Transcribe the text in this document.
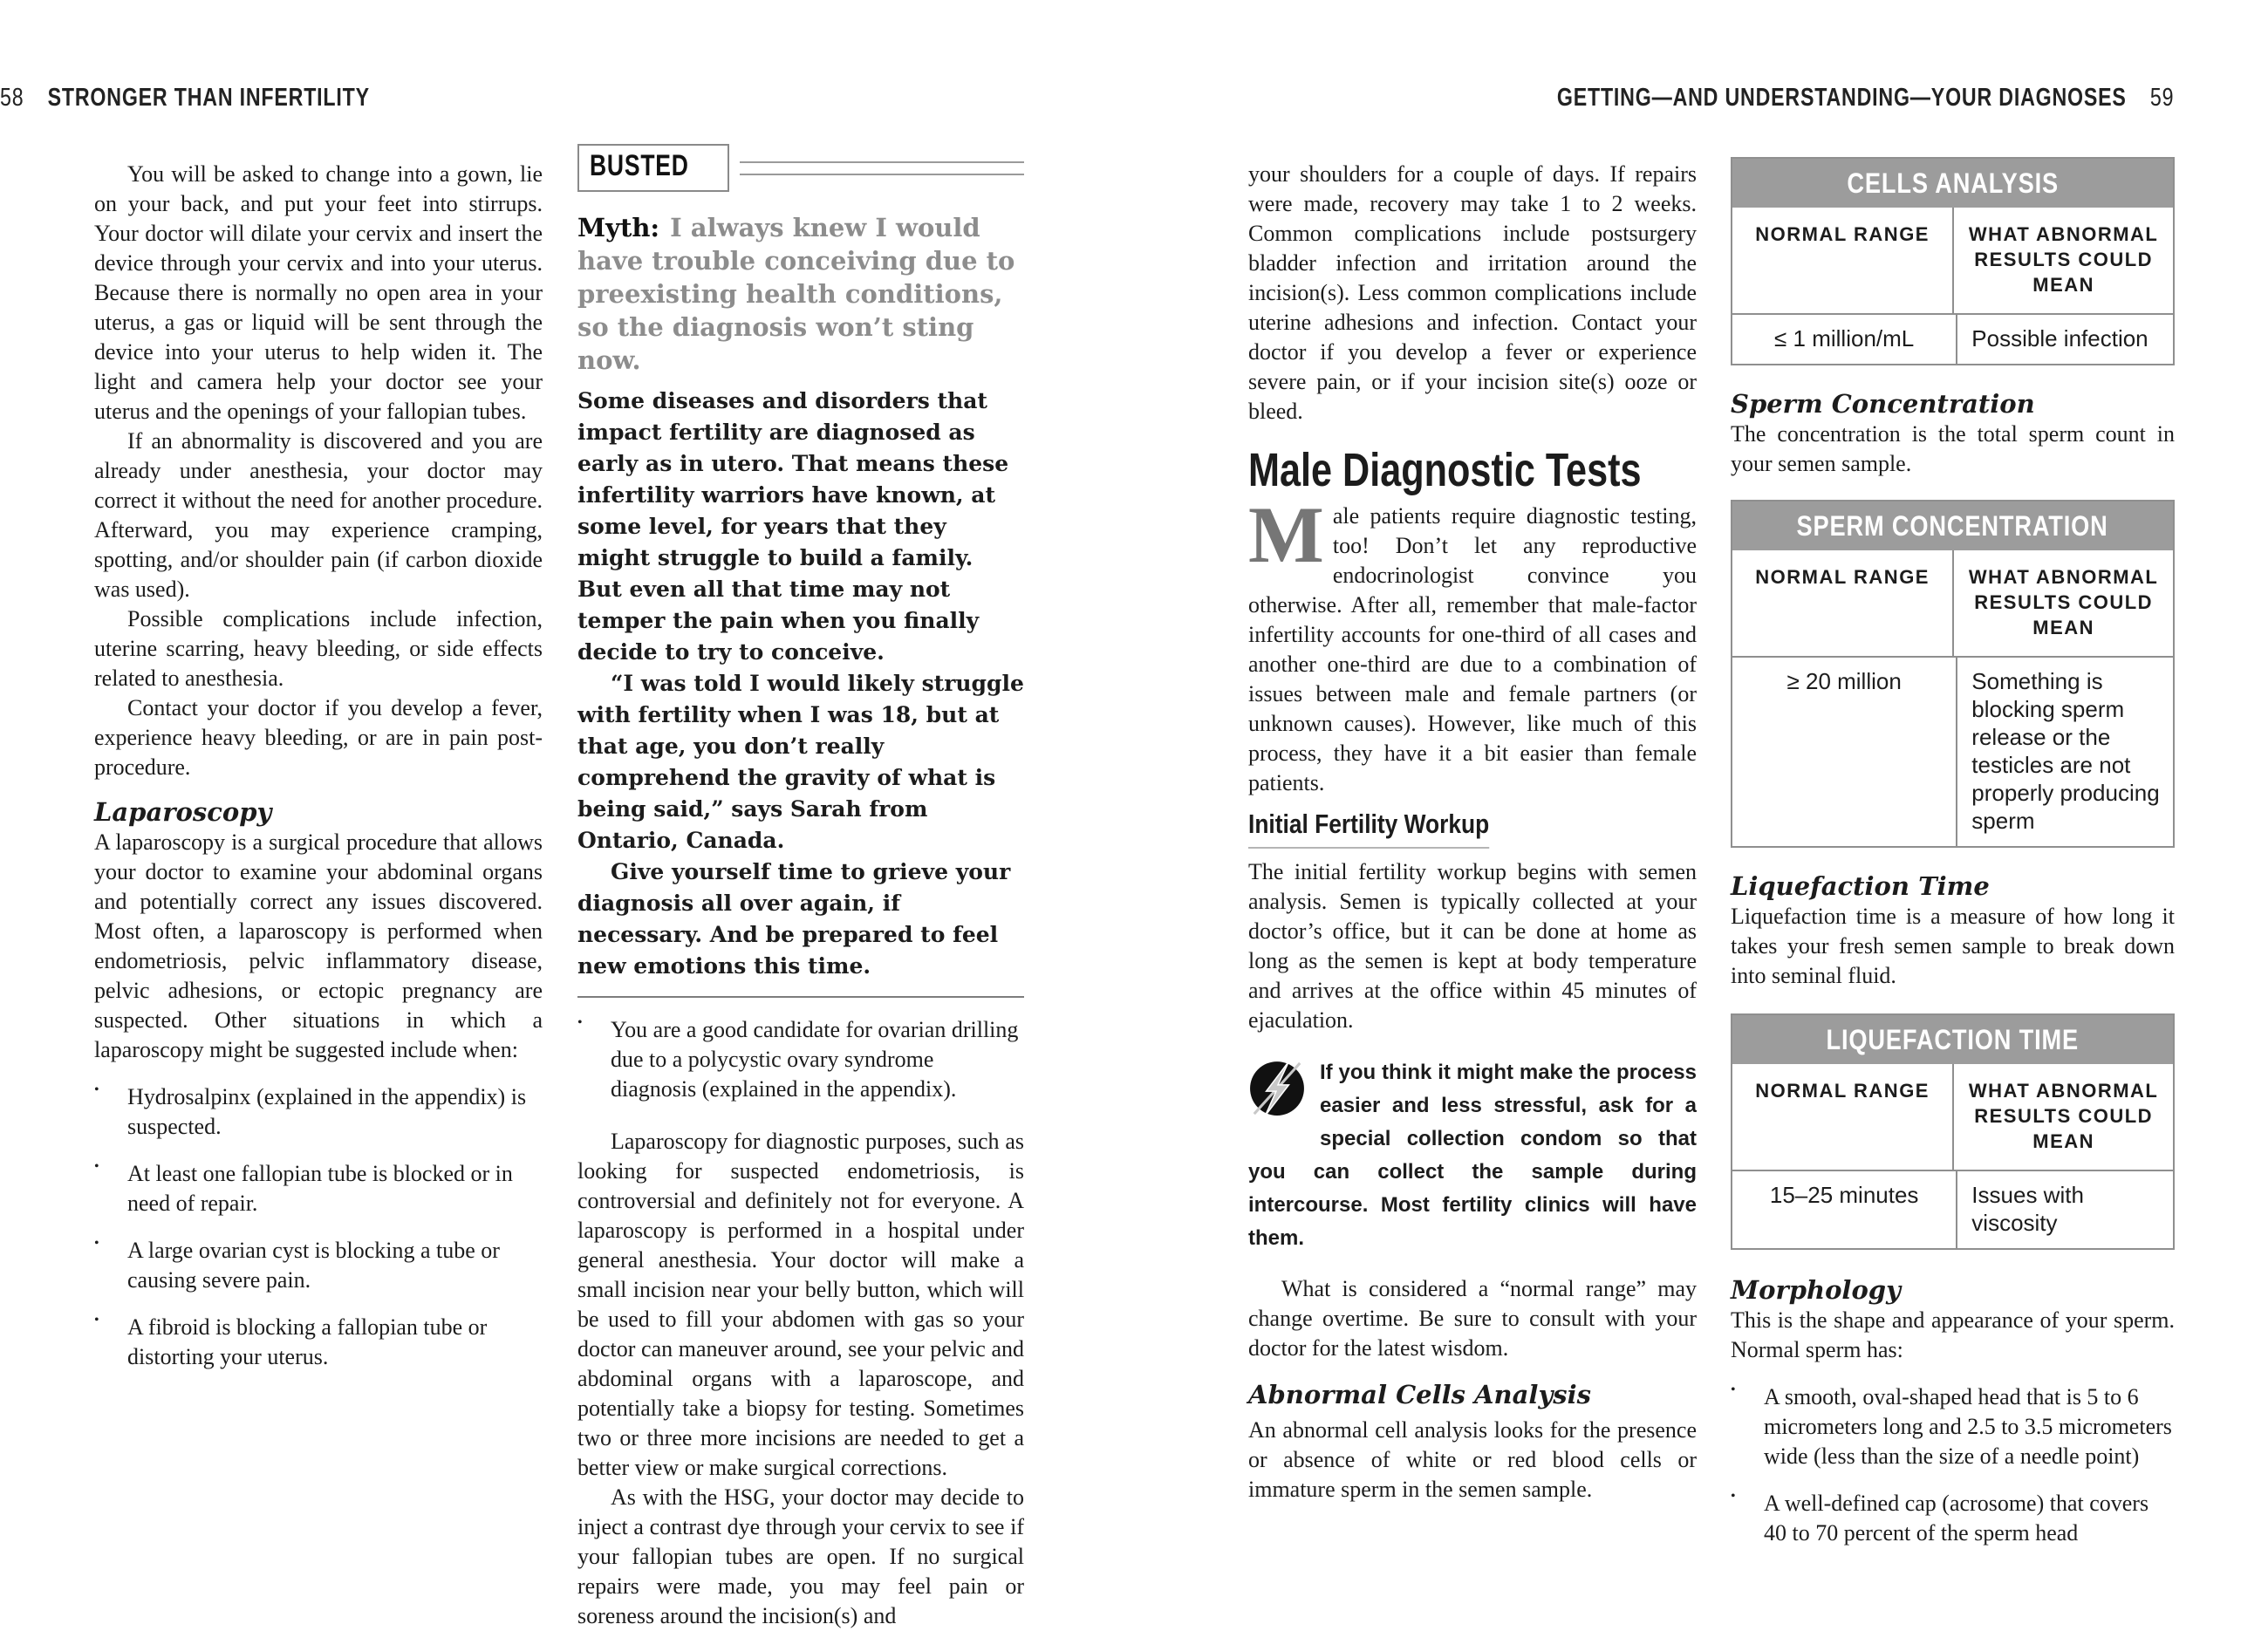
58 STRONGER THAN INFERTILITY	GETTING—AND UNDERSTANDING—YOUR DIAGNOSES 59

You will be asked to change into a gown, lie on your back, and put your feet into stirrups. Your doctor will dilate your cervix and insert the device through your cervix and into your uterus. Because there is normally no open area in your uterus, a gas or liquid will be sent through the device into your uterus to help widen it. The light and camera help your doctor see your uterus and the openings of your fallopian tubes.

If an abnormality is discovered and you are already under anesthesia, your doctor may correct it without the need for another procedure. Afterward, you may experience cramping, spotting, and/or shoulder pain (if carbon dioxide was used).

Possible complications include infection, uterine scarring, heavy bleeding, or side effects related to anesthesia.

Contact your doctor if you develop a fever, experience heavy bleeding, or are in pain post-procedure.

Laparoscopy

A laparoscopy is a surgical procedure that allows your doctor to examine your abdominal organs and potentially correct any issues discovered. Most often, a laparoscopy is performed when endometriosis, pelvic inflammatory disease, pelvic adhesions, or ectopic pregnancy are suspected. Other situations in which a laparoscopy might be suggested include when:

•	Hydrosalpinx (explained in the appendix) is suspected.
•	At least one fallopian tube is blocked or in need of repair.
•	A large ovarian cyst is blocking a tube or causing severe pain.
•	A fibroid is blocking a fallopian tube or distorting your uterus.
BUSTED

Myth: I always knew I would have trouble conceiving due to preexisting health conditions, so the diagnosis won’t sting now.

Some diseases and disorders that impact fertility are diagnosed as early as in utero. That means these infertility warriors have known, at some level, for years that they might struggle to build a family. But even all that time may not temper the pain when you finally decide to try to conceive.

“I was told I would likely struggle with fertility when I was 18, but at that age, you don’t really comprehend the gravity of what is being said,” says Sarah from Ontario, Canada.

Give yourself time to grieve your diagnosis all over again, if necessary. And be prepared to feel new emotions this time.

•	You are a good candidate for ovarian drilling due to a polycystic ovary syndrome diagnosis (explained in the appendix).

Laparoscopy for diagnostic purposes, such as looking for suspected endometriosis, is controversial and definitely not for everyone. A laparoscopy is performed in a hospital under general anesthesia. Your doctor will make a small incision near your belly button, which will be used to fill your abdomen with gas so your doctor can maneuver around, see your pelvic and abdominal organs with a laparoscope, and potentially take a biopsy for testing. Sometimes two or three more incisions are needed to get a better view or make surgical corrections.

As with the HSG, your doctor may decide to inject a contrast dye through your cervix to see if your fallopian tubes are open. If no surgical repairs were made, you may feel pain or soreness around the incision(s) and

your shoulders for a couple of days. If repairs were made, recovery may take 1 to 2 weeks. Common complications include postsurgery bladder infection and irritation around the incision(s). Less common complications include uterine adhesions and infection. Contact your doctor if you develop a fever or experience severe pain, or if your incision site(s) ooze or bleed.

Male Diagnostic Tests

Male patients require diagnostic testing, too! Don’t let any reproductive endocrinologist convince you otherwise. After all, remember that male-factor infertility accounts for one-third of all cases and another one-third are due to a combination of issues between male and female partners (or unknown causes). However, like much of this process, they have it a bit easier than female patients.

Initial Fertility Workup

The initial fertility workup begins with semen analysis. Semen is typically collected at your doctor’s office, but it can be done at home as long as the semen is kept at body temperature and arrives at the office within 45 minutes of ejaculation.

If you think it might make the process easier and less stressful, ask for a special collection condom so that you can collect the sample during intercourse. Most fertility clinics will have them.

What is considered a “normal range” may change overtime. Be sure to consult with your doctor for the latest wisdom.

Abnormal Cells Analysis

An abnormal cell analysis looks for the presence or absence of white or red blood cells or immature sperm in the semen sample.

CELLS ANALYSIS
NORMAL RANGE	WHAT ABNORMAL RESULTS COULD MEAN
≤ 1 million/mL	Possible infection
Sperm Concentration

The concentration is the total sperm count in your semen sample.

SPERM CONCENTRATION
NORMAL RANGE	WHAT ABNORMAL RESULTS COULD MEAN
≥ 20 million	Something is blocking sperm release or the testicles are not properly producing sperm
Liquefaction Time

Liquefaction time is a measure of how long it takes your fresh semen sample to break down into seminal fluid.

LIQUEFACTION TIME
NORMAL RANGE	WHAT ABNORMAL RESULTS COULD MEAN
15–25 minutes	Issues with viscosity
Morphology

This is the shape and appearance of your sperm. Normal sperm has:

•	A smooth, oval-shaped head that is 5 to 6 micrometers long and 2.5 to 3.5 micrometers wide (less than the size of a needle point)
•	A well-defined cap (acrosome) that covers 40 to 70 percent of the sperm head
